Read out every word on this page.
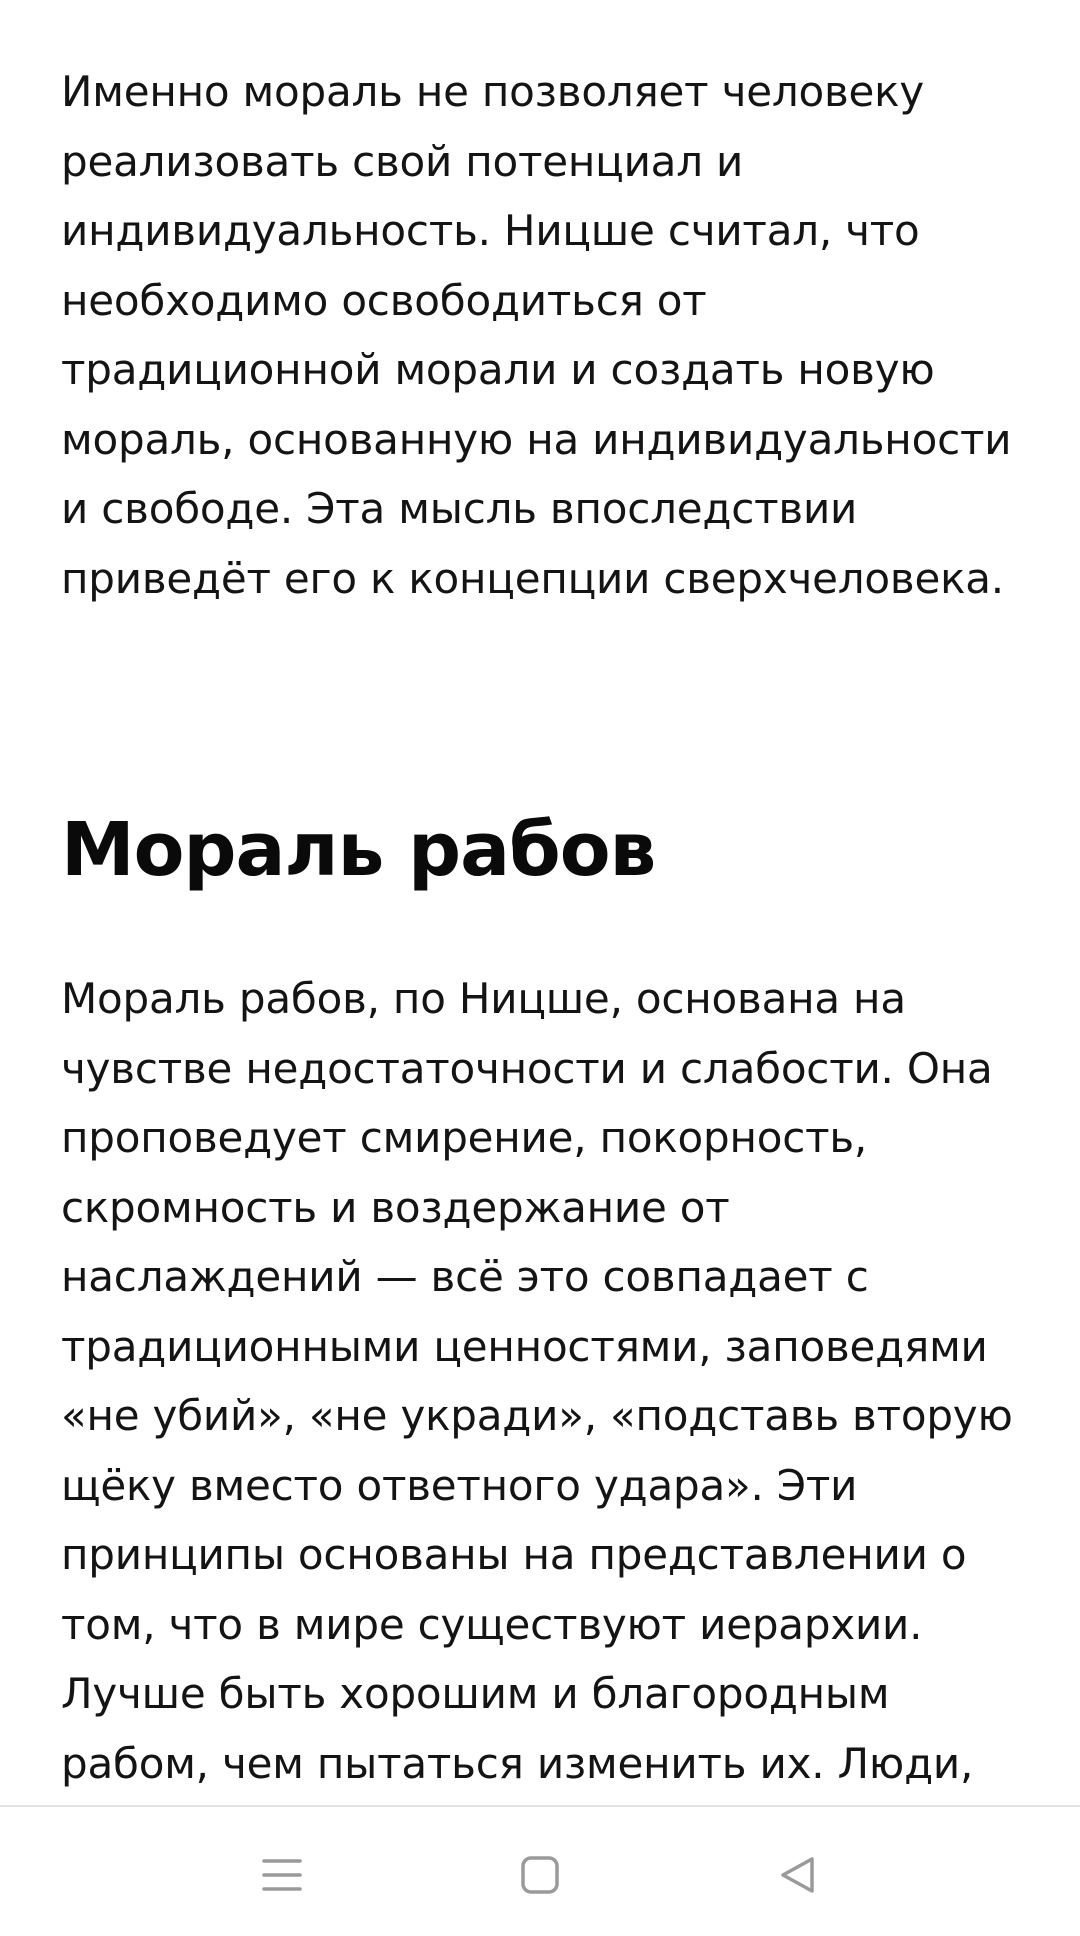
Именно мораль не позволяет человеку реализовать свой потенциал и индивидуальность. Ницше считал, что необходимо освободиться от традиционной морали и создать новую мораль, основанную на индивидуальности и свободе. Эта мысль впоследствии приведёт его к концепции сверхчеловека.

Мораль рабов

Мораль рабов, по Ницше, основана на чувстве недостаточности и слабости. Она проповедует смирение, покорность, скромность и воздержание от наслаждений — всё это совпадает с традиционными ценностями, заповедями «не убий», «не укради», «подставь вторую щёку вместо ответного удара». Эти принципы основаны на представлении о том, что в мире существуют иерархии. Лучше быть хорошим и благородным рабом, чем пытаться изменить их. Люди,
